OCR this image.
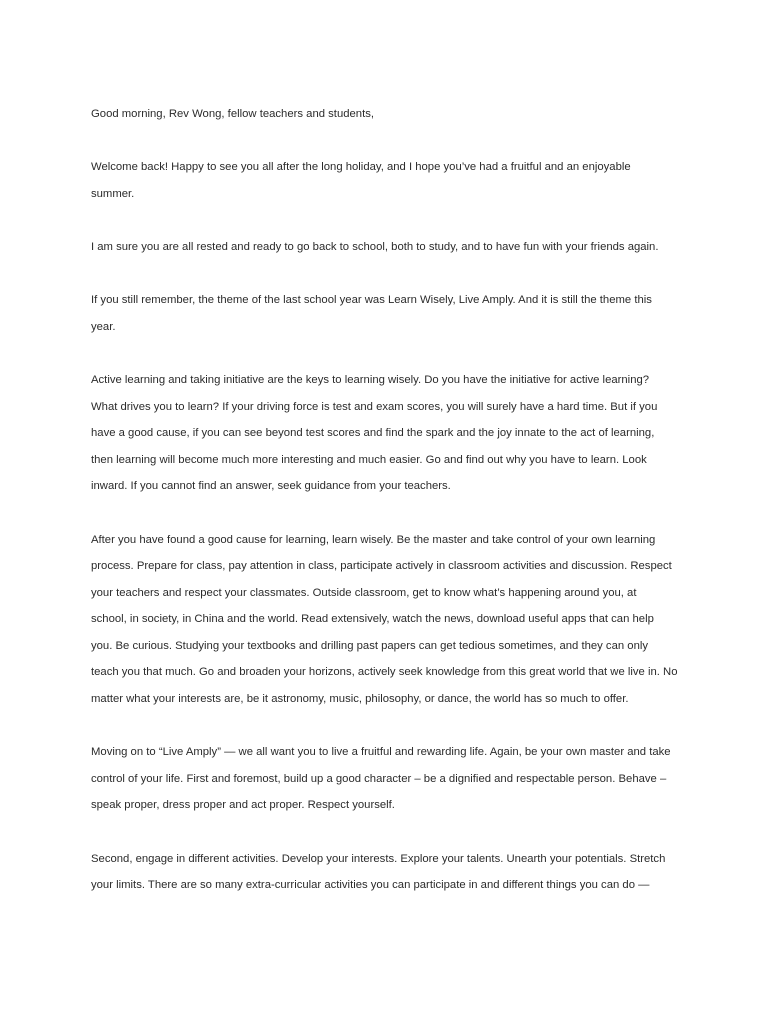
Good morning, Rev Wong, fellow teachers and students,

Welcome back! Happy to see you all after the long holiday, and I hope you’ve had a fruitful and an enjoyable
summer.

I am sure you are all rested and ready to go back to school, both to study, and to have fun with your friends again.

If you still remember, the theme of the last school year was Learn Wisely, Live Amply. And it is still the theme this
year.

Active learning and taking initiative are the keys to learning wisely. Do you have the initiative for active learning?
What drives you to learn? If your driving force is test and exam scores, you will surely have a hard time. But if you
have a good cause, if you can see beyond test scores and find the spark and the joy innate to the act of learning,
then learning will become much more interesting and much easier. Go and find out why you have to learn. Look
inward. If you cannot find an answer, seek guidance from your teachers.

After you have found a good cause for learning, learn wisely. Be the master and take control of your own learning
process. Prepare for class, pay attention in class, participate actively in classroom activities and discussion. Respect
your teachers and respect your classmates. Outside classroom, get to know what’s happening around you, at
school, in society, in China and the world. Read extensively, watch the news, download useful apps that can help
you. Be curious. Studying your textbooks and drilling past papers can get tedious sometimes, and they can only
teach you that much. Go and broaden your horizons, actively seek knowledge from this great world that we live in. No
matter what your interests are, be it astronomy, music, philosophy, or dance, the world has so much to offer.

Moving on to “Live Amply” — we all want you to live a fruitful and rewarding life. Again, be your own master and take
control of your life. First and foremost, build up a good character – be a dignified and respectable person. Behave –
speak proper, dress proper and act proper. Respect yourself.

Second, engage in different activities. Develop your interests. Explore your talents. Unearth your potentials. Stretch
your limits. There are so many extra-curricular activities you can participate in and different things you can do —
